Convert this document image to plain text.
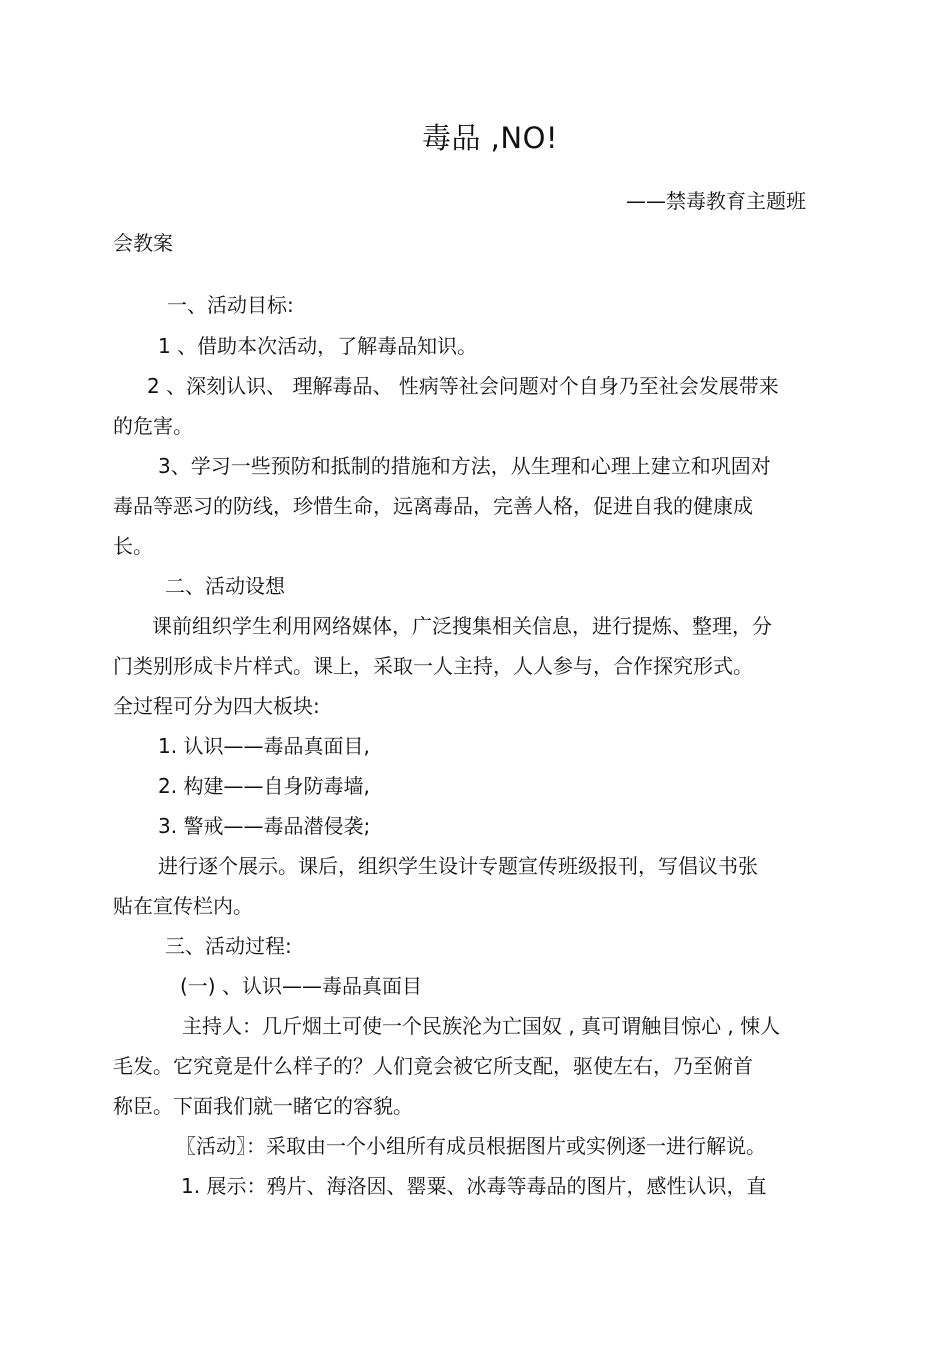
毒品 ,NO!
——禁毒教育主题班
会教案
一、活动目标:
1 、借助本次活动，了解毒品知识。
2 、深刻认识、 理解毒品、 性病等社会问题对个自身乃至社会发展带来
的危害。
3、学习一些预防和抵制的措施和方法，从生理和心理上建立和巩固对
毒品等恶习的防线，珍惜生命，远离毒品，完善人格，促进自我的健康成
长。
二、活动设想
课前组织学生利用网络媒体，广泛搜集相关信息，进行提炼、整理，分
门类别形成卡片样式。课上，采取一人主持，人人参与，合作探究形式。
全过程可分为四大板块:
1. 认识——毒品真面目,
2. 构建——自身防毒墙,
3. 警戒——毒品潜侵袭;
进行逐个展示。课后，组织学生设计专题宣传班级报刊，写倡议书张
贴在宣传栏内。
三、活动过程:
(一) 、认识——毒品真面目
主持人：几斤烟土可使一个民族沦为亡国奴 , 真可谓触目惊心 , 悚人
毛发。它究竟是什么样子的？人们竟会被它所支配，驱使左右，乃至俯首
称臣。下面我们就一睹它的容貌。
〖活动〗：采取由一个小组所有成员根据图片或实例逐一进行解说。
1. 展示：鸦片、海洛因、罂粟、冰毒等毒品的图片，感性认识，直
